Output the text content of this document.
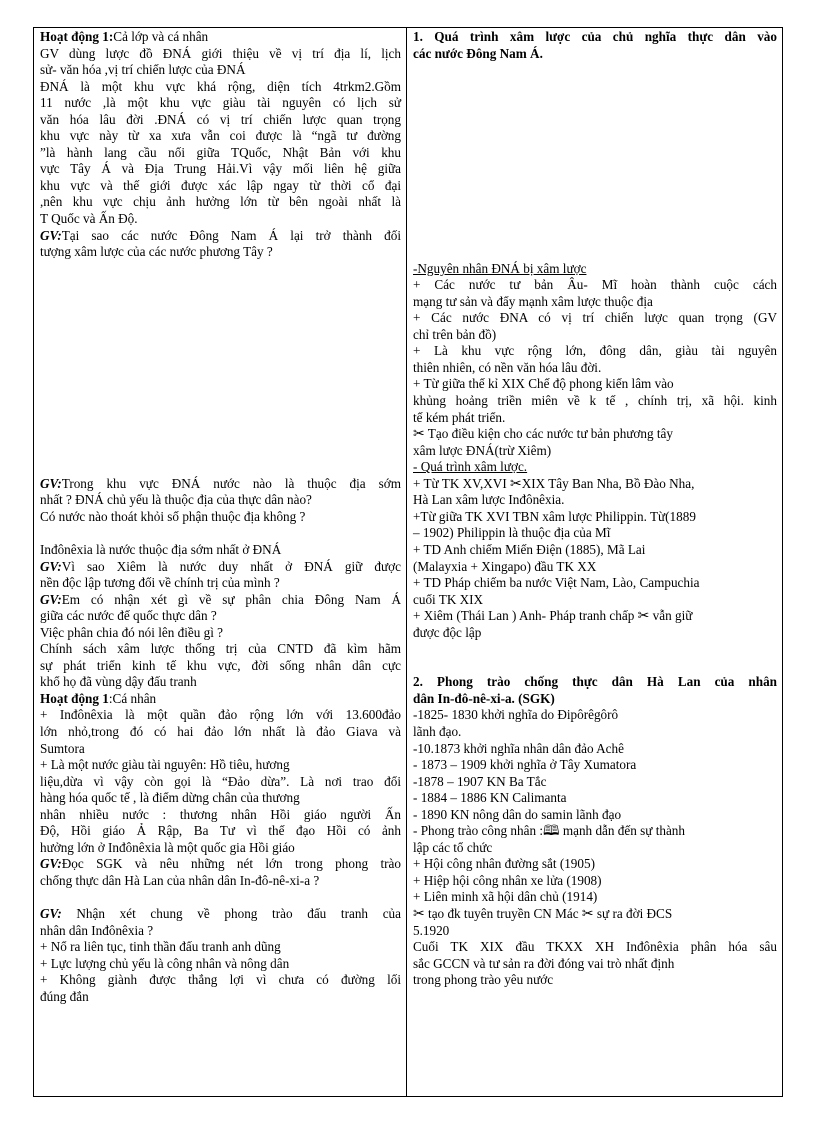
Hoạt động 1:Cả lớp và cá nhân
GV dùng lược đồ ĐNÁ giới thiệu về vị trí địa lí, lịch
sử- văn hóa ,vị trí chiến lược của ĐNÁ
ĐNÁ là một khu vực khá rộng, diện tích 4trkm2.Gồm
11 nước ,là một khu vực giàu tài nguyên có lịch sử
văn hóa lâu đời .ĐNÁ có vị trí chiến lược quan trọng
khu vực này từ xa xưa vẫn coi được là “ngã tư đường
”là hành lang cầu nối giữa TQuốc, Nhật Bản với khu
vực Tây Á và Địa Trung Hải.Vì vậy mối liên hệ giữa
khu vực và thế giới được xác lập ngay từ thời cổ đại
,nên khu vực chịu ảnh hưởng lớn từ bên ngoài nhất là
T Quốc và Ấn Độ.
GV:Tại sao các nước Đông Nam Á lại trở thành đối
tượng xâm lược của các nước phương Tây ?
GV:Trong khu vực ĐNÁ nước nào là thuộc địa sớm
nhất ? ĐNÁ chủ yếu là thuộc địa của thực dân nào?
Có nước nào thoát khỏi số phận thuộc địa không ?
Inđônêxia là nước thuộc địa sớm nhất ở ĐNÁ
GV:Vì sao Xiêm là nước duy nhất ở ĐNÁ giữ được
nền độc lập tương đối về chính trị của mình ?
GV:Em có nhận xét gì về sự phân chia Đông Nam Á
giữa các nước đế quốc thực dân ?
Việc phân chia đó nói lên điều gì ?
Chính sách xâm lược thống trị của CNTD đã kìm hãm
sự phát triển kinh tế khu vực, đời sống nhân dân cực
khổ họ đã vùng dậy đấu tranh
Hoạt động 1:Cá nhân
+ Inđônêxia là một quần đảo rộng lớn với 13.600đảo
lớn nhỏ,trong đó có hai đảo lớn nhất là đảo Giava và
Sumtora
+ Là một nước giàu tài nguyên: Hồ tiêu, hương
liệu,dừa vì vậy còn gọi là “Đảo dừa”. Là nơi trao đổi
hàng hóa quốc tế , là điểm dừng chân của thương
nhân nhiều nước : thương nhân Hồi giáo người Ấn
Độ, Hồi giáo Ả Rập, Ba Tư vì thế đạo Hồi có ảnh
hưởng lớn ở Inđônêxia là một quốc gia Hồi giáo
GV:Đọc SGK và nêu những nét lớn trong phong trào
chống thực dân Hà Lan của nhân dân In-đô-nê-xi-a ?
GV: Nhận xét chung về phong trào đấu tranh của
nhân dân Inđônêxia ?
+ Nổ ra liên tục, tinh thần đấu tranh anh dũng
+ Lực lượng chủ yếu là công nhân và nông dân
+ Không giành được thắng lợi vì chưa có đường lối
đúng đắn

1. Quá trình xâm lược của chủ nghĩa thực dân vào
các nước Đông Nam Á.
-Nguyên nhân ĐNÁ bị xâm lược
+ Các nước tư bản Âu- Mĩ hoàn thành cuộc cách
mạng tư sản và đẩy mạnh xâm lược thuộc địa
+ Các nước ĐNA có vị trí chiến lược quan trọng (GV
chỉ trên bản đồ)
+ Là khu vực rộng lớn, đông dân, giàu tài nguyên
thiên nhiên, có nền văn hóa lâu đời.
+ Từ giữa thế kỉ XIX Chế độ phong kiến lâm vào
khủng hoảng triền miên về k tế , chính trị, xã hội. kinh
tế kém phát triển.
✂ Tạo điều kiện cho các nước tư bản phương tây
xâm lược ĐNÁ(trừ Xiêm)
- Quá trình xâm lược.
+ Từ TK XV,XVI ✂XIX Tây Ban Nha, Bồ Đào Nha,
Hà Lan xâm lược Inđônêxia.
+Từ giữa TK XVI TBN xâm lược Philippin. Từ(1889
– 1902) Philippin là thuộc địa của Mĩ
+ TD Anh chiếm Miến Điện (1885), Mã Lai
(Malayxia + Xingapo) đầu TK XX
+ TD Pháp chiếm ba nước Việt Nam, Lào, Campuchia
cuối TK XIX
+ Xiêm (Thái Lan ) Anh- Pháp tranh chấp ✂ vẫn giữ
được độc lập
2. Phong trào chống thực dân Hà Lan của nhân
dân In-đô-nê-xi-a. (SGK)
-1825- 1830 khởi nghĩa do Đipôrêgôrô
lãnh đạo.
-10.1873 khởi nghĩa nhân dân đảo Achê
- 1873 – 1909 khởi nghĩa ở Tây Xumatora
-1878 – 1907 KN Ba Tắc
- 1884 – 1886 KN Calimanta
- 1890 KN nông dân do samin lãnh đạo
- Phong trào công nhân :🕮 mạnh dẫn đến sự thành
lập các tổ chức
+ Hội công nhân đường sắt (1905)
+ Hiệp hội công nhân xe lửa (1908)
+ Liên minh xã hội dân chủ (1914)
✂ tạo đk tuyên truyền CN Mác ✂ sự ra đời ĐCS
5.1920
Cuối TK XIX đầu TKXX XH Inđônêxia phân hóa sâu
sắc GCCN và tư sản ra đời đóng vai trò nhất định
trong phong trào yêu nước
